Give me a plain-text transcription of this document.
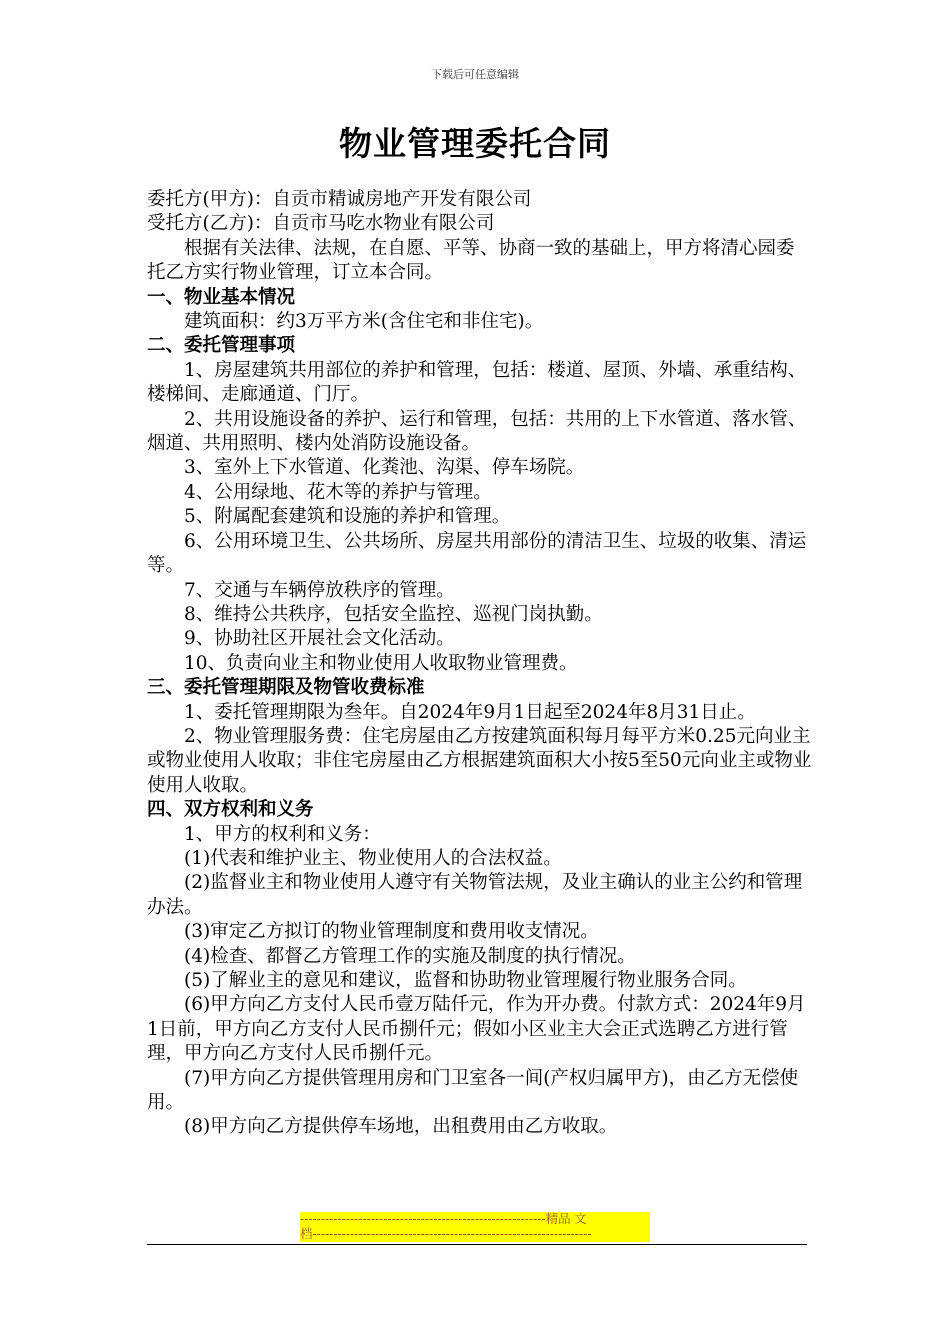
下载后可任意编辑
物业管理委托合同

委托方(甲方)：自贡市精诚房地产开发有限公司

受托方(乙方)：自贡市马吃水物业有限公司

根据有关法律、法规，在自愿、平等、协商一致的基础上，甲方将清心园委托乙方实行物业管理，订立本合同。

一、物业基本情况

建筑面积：约3万平方米(含住宅和非住宅)。

二、委托管理事项

1、房屋建筑共用部位的养护和管理，包括：楼道、屋顶、外墙、承重结构、楼梯间、走廊通道、门厅。

2、共用设施设备的养护、运行和管理，包括：共用的上下水管道、落水管、烟道、共用照明、楼内处消防设施设备。

3、室外上下水管道、化粪池、沟渠、停车场院。

4、公用绿地、花木等的养护与管理。

5、附属配套建筑和设施的养护和管理。

6、公用环境卫生、公共场所、房屋共用部份的清洁卫生、垃圾的收集、清运等。

7、交通与车辆停放秩序的管理。

8、维持公共秩序，包括安全监控、巡视门岗执勤。

9、协助社区开展社会文化活动。

10、负责向业主和物业使用人收取物业管理费。

三、委托管理期限及物管收费标准

1、委托管理期限为叁年。自2024年9月1日起至2024年8月31日止。

2、物业管理服务费：住宅房屋由乙方按建筑面积每月每平方米0.25元向业主或物业使用人收取；非住宅房屋由乙方根据建筑面积大小按5至50元向业主或物业使用人收取。

四、双方权利和义务

1、甲方的权利和义务：

(1)代表和维护业主、物业使用人的合法权益。

(2)监督业主和物业使用人遵守有关物管法规，及业主确认的业主公约和管理办法。

(3)审定乙方拟订的物业管理制度和费用收支情况。

(4)检查、都督乙方管理工作的实施及制度的执行情况。

(5)了解业主的意见和建议，监督和协助物业管理履行物业服务合同。

(6)甲方向乙方支付人民币壹万陆仟元，作为开办费。付款方式：2024年9月1日前，甲方向乙方支付人民币捌仟元；假如小区业主大会正式选聘乙方进行管理，甲方向乙方支付人民币捌仟元。

(7)甲方向乙方提供管理用房和门卫室各一间(产权归属甲方)，由乙方无偿使用。

(8)甲方向乙方提供停车场地，出租费用由乙方收取。

-----------------------------------------------------------精品 文
档-------------------------------------------------------------------
